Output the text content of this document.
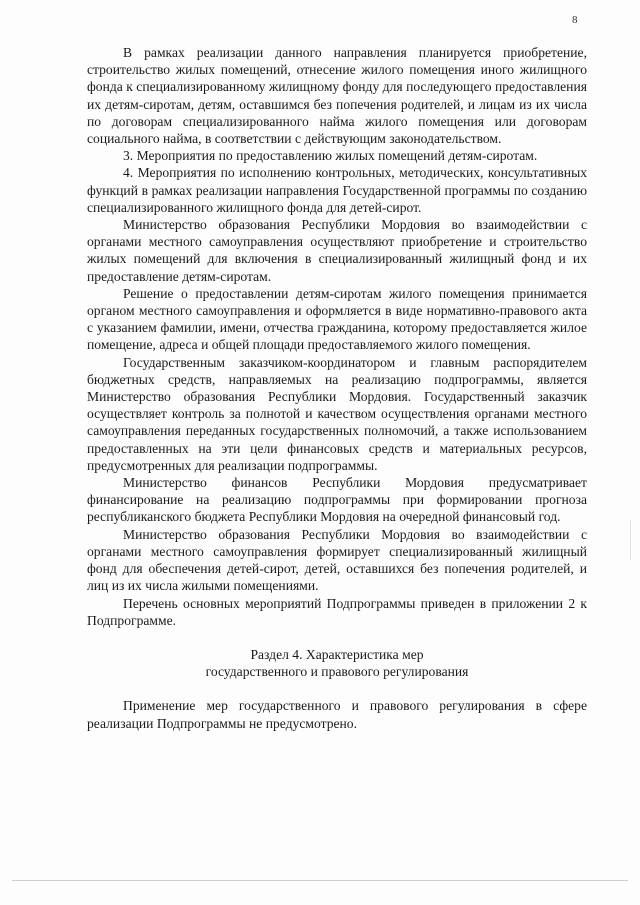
8

В рамках реализации данного направления планируется приобретение, строительство жилых помещений, отнесение жилого помещения иного жилищного фонда к специализированному жилищному фонду для последующего предоставления их детям-сиротам, детям, оставшимся без попечения родителей, и лицам из их числа по договорам специализированного найма жилого помещения или договорам социального найма, в соответствии с действующим законодательством.

3. Мероприятия по предоставлению жилых помещений детям-сиротам.

4. Мероприятия по исполнению контрольных, методических, консультативных функций в рамках реализации направления Государственной программы по созданию специализированного жилищного фонда для детей-сирот.

Министерство образования Республики Мордовия во взаимодействии с органами местного самоуправления осуществляют приобретение и строительство жилых помещений для включения в специализированный жилищный фонд и их предоставление детям-сиротам.

Решение о предоставлении детям-сиротам жилого помещения принимается органом местного самоуправления и оформляется в виде нормативно-правового акта с указанием фамилии, имени, отчества гражданина, которому предоставляется жилое помещение, адреса и общей площади предоставляемого жилого помещения.

Государственным заказчиком-координатором и главным распорядителем бюджетных средств, направляемых на реализацию подпрограммы, является Министерство образования Республики Мордовия. Государственный заказчик осуществляет контроль за полнотой и качеством осуществления органами местного самоуправления переданных государственных полномочий, а также использованием предоставленных на эти цели финансовых средств и материальных ресурсов, предусмотренных для реализации подпрограммы.

Министерство финансов Республики Мордовия предусматривает финансирование на реализацию подпрограммы при формировании прогноза республиканского бюджета Республики Мордовия на очередной финансовый год.

Министерство образования Республики Мордовия во взаимодействии с органами местного самоуправления формирует специализированный жилищный фонд для обеспечения детей-сирот, детей, оставшихся без попечения родителей, и лиц из их числа жилыми помещениями.

Перечень основных мероприятий Подпрограммы приведен в приложении 2 к Подпрограмме.

Раздел 4. Характеристика мер
государственного и правового регулирования

Применение мер государственного и правового регулирования в сфере реализации Подпрограммы не предусмотрено.
